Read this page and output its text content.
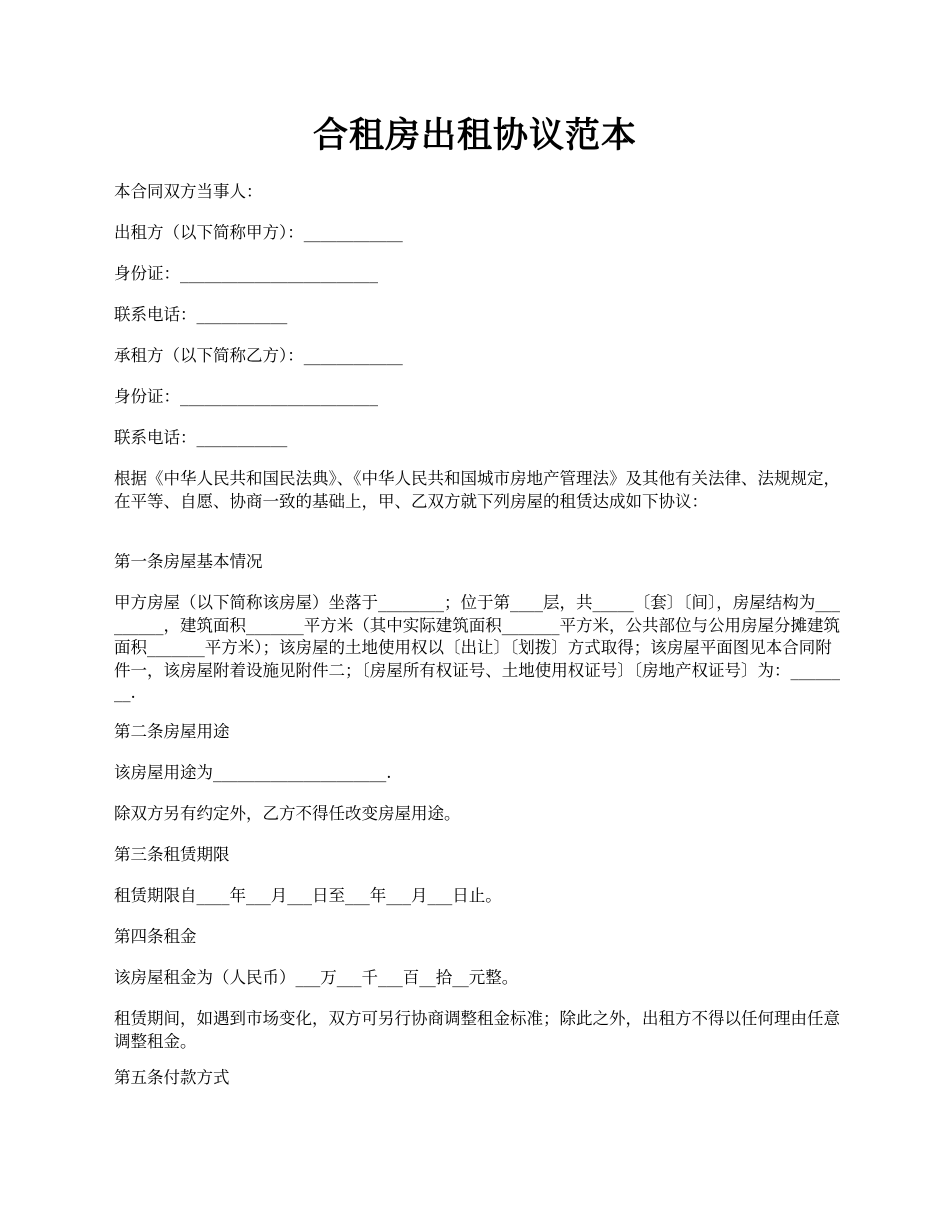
合租房出租协议范本

本合同双方当事人：

出租方（以下简称甲方）：____________

身份证：________________________

联系电话：___________

承租方（以下简称乙方）：____________

身份证：________________________

联系电话：___________

根据《中华人民共和国民法典》、《中华人民共和国城市房地产管理法》及其他有关法律、法规规定，在平等、自愿、协商一致的基础上，甲、乙双方就下列房屋的租赁达成如下协议：

第一条房屋基本情况

甲方房屋（以下简称该房屋）坐落于________；位于第____层，共_____〔套〕〔间〕，房屋结构为_________，建筑面积_______平方米（其中实际建筑面积_______平方米，公共部位与公用房屋分摊建筑面积_______平方米）；该房屋的土地使用权以〔出让〕〔划拨〕方式取得；该房屋平面图见本合同附件一，该房屋附着设施见附件二；〔房屋所有权证号、土地使用权证号〕〔房地产权证号〕为：________.

第二条房屋用途

该房屋用途为_____________________.

除双方另有约定外，乙方不得任改变房屋用途。

第三条租赁期限

租赁期限自____年___月___日至___年___月___日止。

第四条租金

该房屋租金为（人民币）___万___千___百__拾__元整。

租赁期间，如遇到市场变化，双方可另行协商调整租金标准；除此之外，出租方不得以任何理由任意调整租金。

第五条付款方式
